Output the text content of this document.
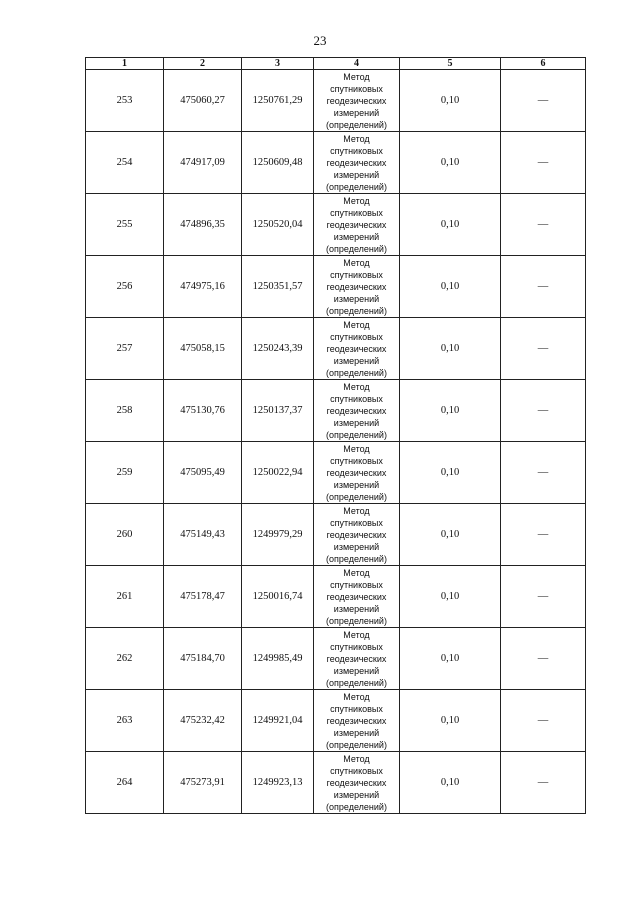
23
1	2	3	4	5	6
253	475060,27	1250761,29	Метод
спутниковых
геодезических
измерений
(определений)	0,10	—
254	474917,09	1250609,48	Метод
спутниковых
геодезических
измерений
(определений)	0,10	—
255	474896,35	1250520,04	Метод
спутниковых
геодезических
измерений
(определений)	0,10	—
256	474975,16	1250351,57	Метод
спутниковых
геодезических
измерений
(определений)	0,10	—
257	475058,15	1250243,39	Метод
спутниковых
геодезических
измерений
(определений)	0,10	—
258	475130,76	1250137,37	Метод
спутниковых
геодезических
измерений
(определений)	0,10	—
259	475095,49	1250022,94	Метод
спутниковых
геодезических
измерений
(определений)	0,10	—
260	475149,43	1249979,29	Метод
спутниковых
геодезических
измерений
(определений)	0,10	—
261	475178,47	1250016,74	Метод
спутниковых
геодезических
измерений
(определений)	0,10	—
262	475184,70	1249985,49	Метод
спутниковых
геодезических
измерений
(определений)	0,10	—
263	475232,42	1249921,04	Метод
спутниковых
геодезических
измерений
(определений)	0,10	—
264	475273,91	1249923,13	Метод
спутниковых
геодезических
измерений
(определений)	0,10	—
